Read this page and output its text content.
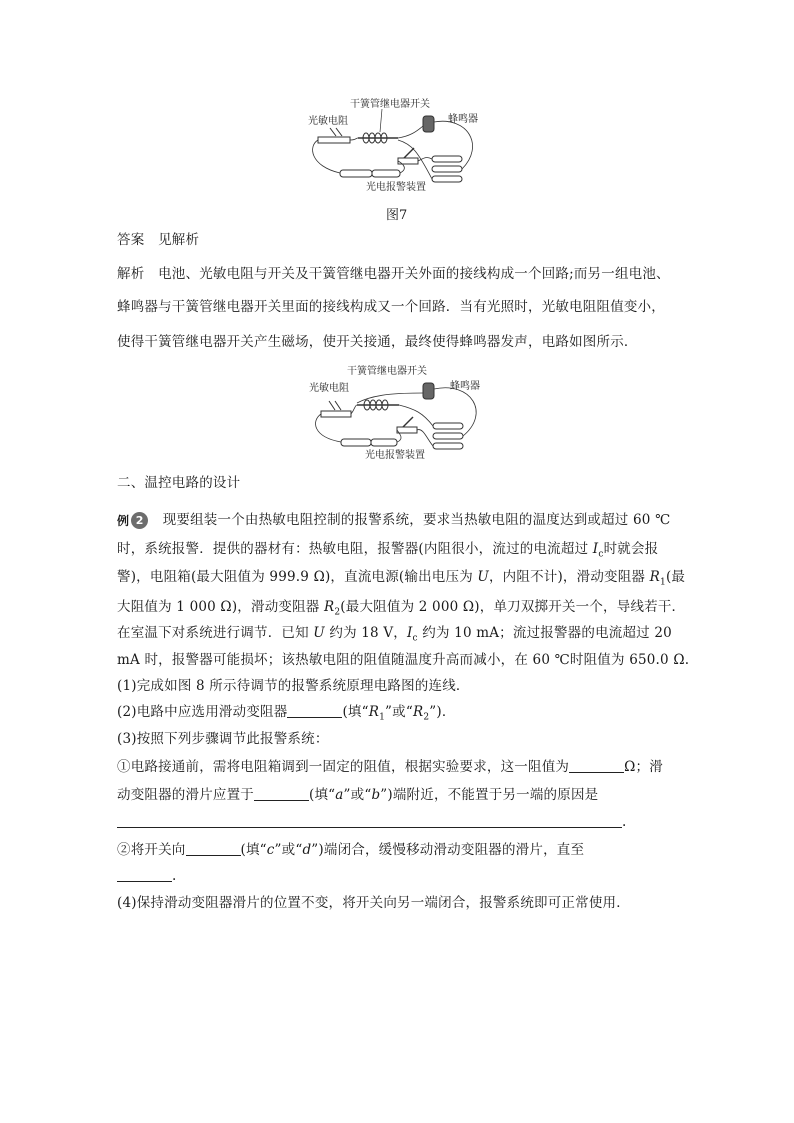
干簧管继电器开关
光敏电阻	蜂鸣器
光电报警装置
图7
答案　见解析
解析　电池、光敏电阻与开关及干簧管继电器开关外面的接线构成一个回路;而另一组电池、
蜂鸣器与干簧管继电器开关里面的接线构成又一个回路．当有光照时，光敏电阻阻值变小，
使得干簧管继电器开关产生磁场，使开关接通，最终使得蜂鸣器发声，电路如图所示．
干簧管继电器开关
光敏电阻	蜂鸣器
光电报警装置
二、温控电路的设计
例 2	现要组装一个由热敏电阻控制的报警系统，要求当热敏电阻的温度达到或超过 60 ℃
时，系统报警．提供的器材有：热敏电阻，报警器(内阻很小，流过的电流超过 $I_c$时就会报
警)，电阻箱(最大阻值为 999.9 Ω)，直流电源(输出电压为 U，内阻不计)，滑动变阻器 $R_1$(最
大阻值为 1 000 Ω)，滑动变阻器 $R_2$(最大阻值为 2 000 Ω)，单刀双掷开关一个，导线若干．
在室温下对系统进行调节．已知 U 约为 18 V，$I_c$ 约为 10 mA；流过报警器的电流超过 20
mA 时，报警器可能损坏；该热敏电阻的阻值随温度升高而减小，在 60 ℃时阻值为 650.0 Ω.
(1)完成如图 8 所示待调节的报警系统原理电路图的连线．
(2)电路中应选用滑动变阻器	(填“$R_1$”或“$R_2$”)．
(3)按照下列步骤调节此报警系统：
①电路接通前，需将电阻箱调到一固定的阻值，根据实验要求，这一阻值为	Ω；滑
动变阻器的滑片应置于	(填“a”或“b”)端附近，不能置于另一端的原因是
.
②将开关向	(填“c”或“d”)端闭合，缓慢移动滑动变阻器的滑片，直至
.
(4)保持滑动变阻器滑片的位置不变，将开关向另一端闭合，报警系统即可正常使用．
